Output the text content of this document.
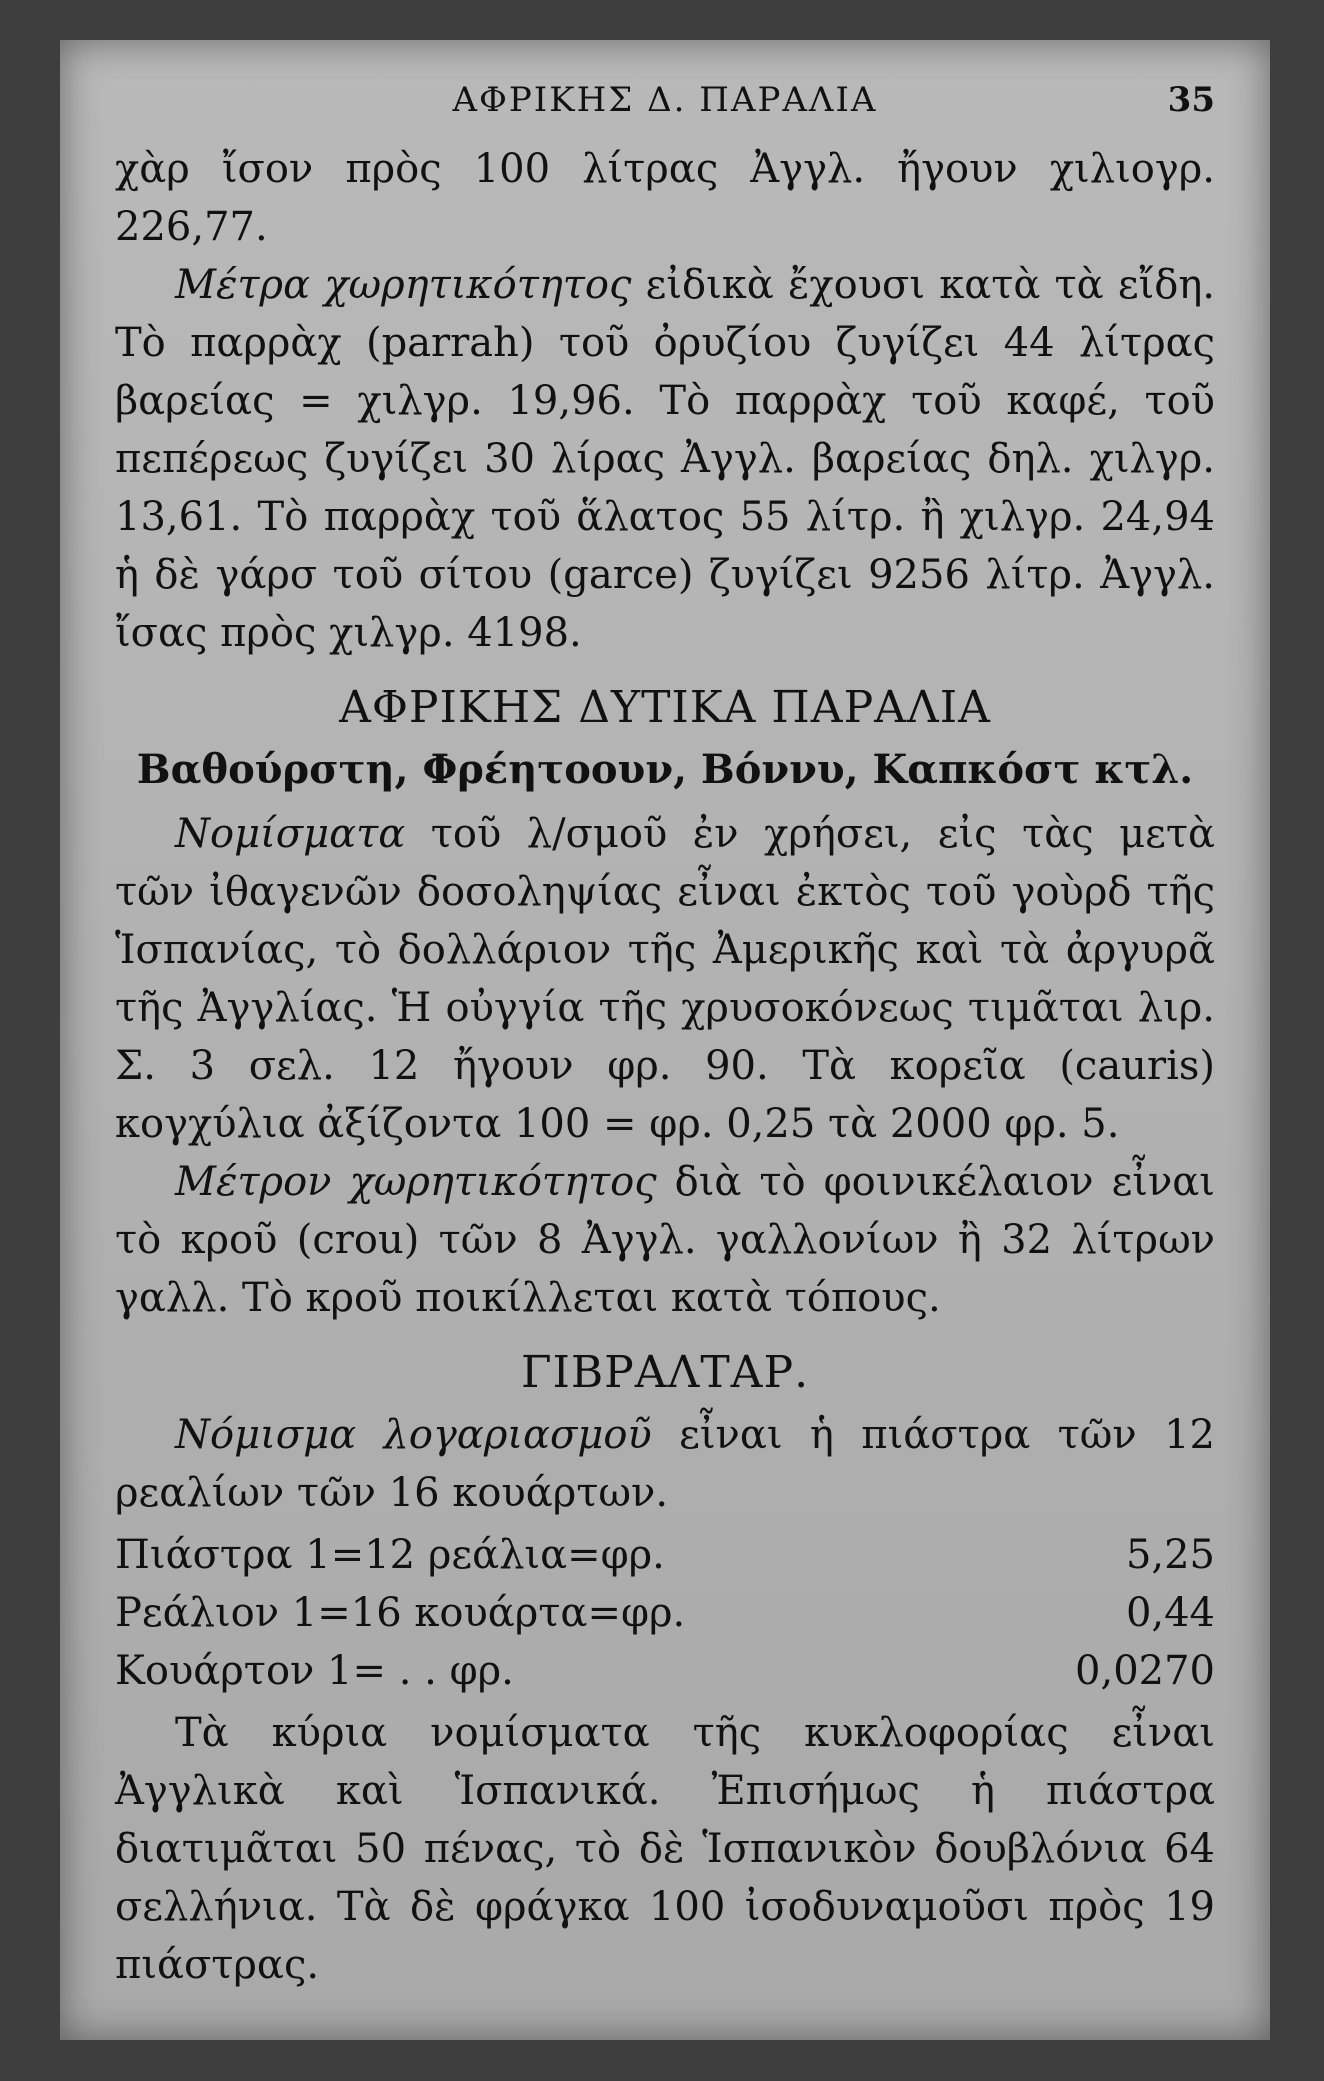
ΑΦΡΙΚΗΣ Δ. ΠΑΡΑΛΙΑ	35

χὰρ ἴσον πρὸς 100 λίτρας Ἀγγλ. ἤγουν χιλιογρ. 226,77.

Μέτρα χωρητικότητος εἰδικὰ ἔχουσι κατὰ τὰ εἴδη. Τὸ παρρὰχ (parrah) τοῦ ὀρυζίου ζυγίζει 44 λίτρας βαρείας = χιλγρ. 19,96. Τὸ παρρὰχ τοῦ καφέ, τοῦ πεπέρεως ζυγίζει 30 λίρας Ἀγγλ. βαρείας δηλ. χιλγρ. 13,61. Τὸ παρρὰχ τοῦ ἅλατος 55 λίτρ. ἢ χιλγρ. 24,94 ἡ δὲ γάρσ τοῦ σίτου (garce) ζυγίζει 9256 λίτρ. Ἀγγλ. ἴσας πρὸς χιλγρ. 4198.

ΑΦΡΙΚΗΣ ΔΥΤΙΚΑ ΠΑΡΑΛΙΑ
Βαθούρστη, Φρέητοουν, Βόννυ, Καπκόστ κτλ.

Νομίσματα τοῦ λ/σμοῦ ἐν χρήσει, εἰς τὰς μετὰ τῶν ἰθαγενῶν δοσοληψίας εἶναι ἐκτὸς τοῦ γοὺρδ τῆς Ἱσπανίας, τὸ δολλάριον τῆς Ἀμερικῆς καὶ τὰ ἀργυρᾶ τῆς Ἀγγλίας. Ἡ οὐγγία τῆς χρυσοκόνεως τιμᾶται λιρ. Σ. 3 σελ. 12 ἤγουν φρ. 90. Τὰ κορεῖα (cauris) κογχύλια ἀξίζοντα 100 = φρ. 0,25 τὰ 2000 φρ. 5.

Μέτρον χωρητικότητος διὰ τὸ φοινικέλαιον εἶναι τὸ κροῦ (crou) τῶν 8 Ἀγγλ. γαλλονίων ἢ 32 λίτρων γαλλ. Τὸ κροῦ ποικίλλεται κατὰ τόπους.

ΓΙΒΡΑΛΤΑΡ.

Νόμισμα λογαριασμοῦ εἶναι ἡ πιάστρα τῶν 12 ρεαλίων τῶν 16 κουάρτων.

Πιάστρα 1=12 ρεάλια=φρ.	5,25
Ρεάλιον 1=16 κουάρτα=φρ.	0,44
Κουάρτον 1= . . φρ.	0,0270

Τὰ κύρια νομίσματα τῆς κυκλοφορίας εἶναι Ἀγγλικὰ καὶ Ἱσπανικά. Ἐπισήμως ἡ πιάστρα διατιμᾶται 50 πένας, τὸ δὲ Ἱσπανικὸν δουβλόνια 64 σελλήνια. Τὰ δὲ φράγκα 100 ἰσοδυναμοῦσι πρὸς 19 πιάστρας.
